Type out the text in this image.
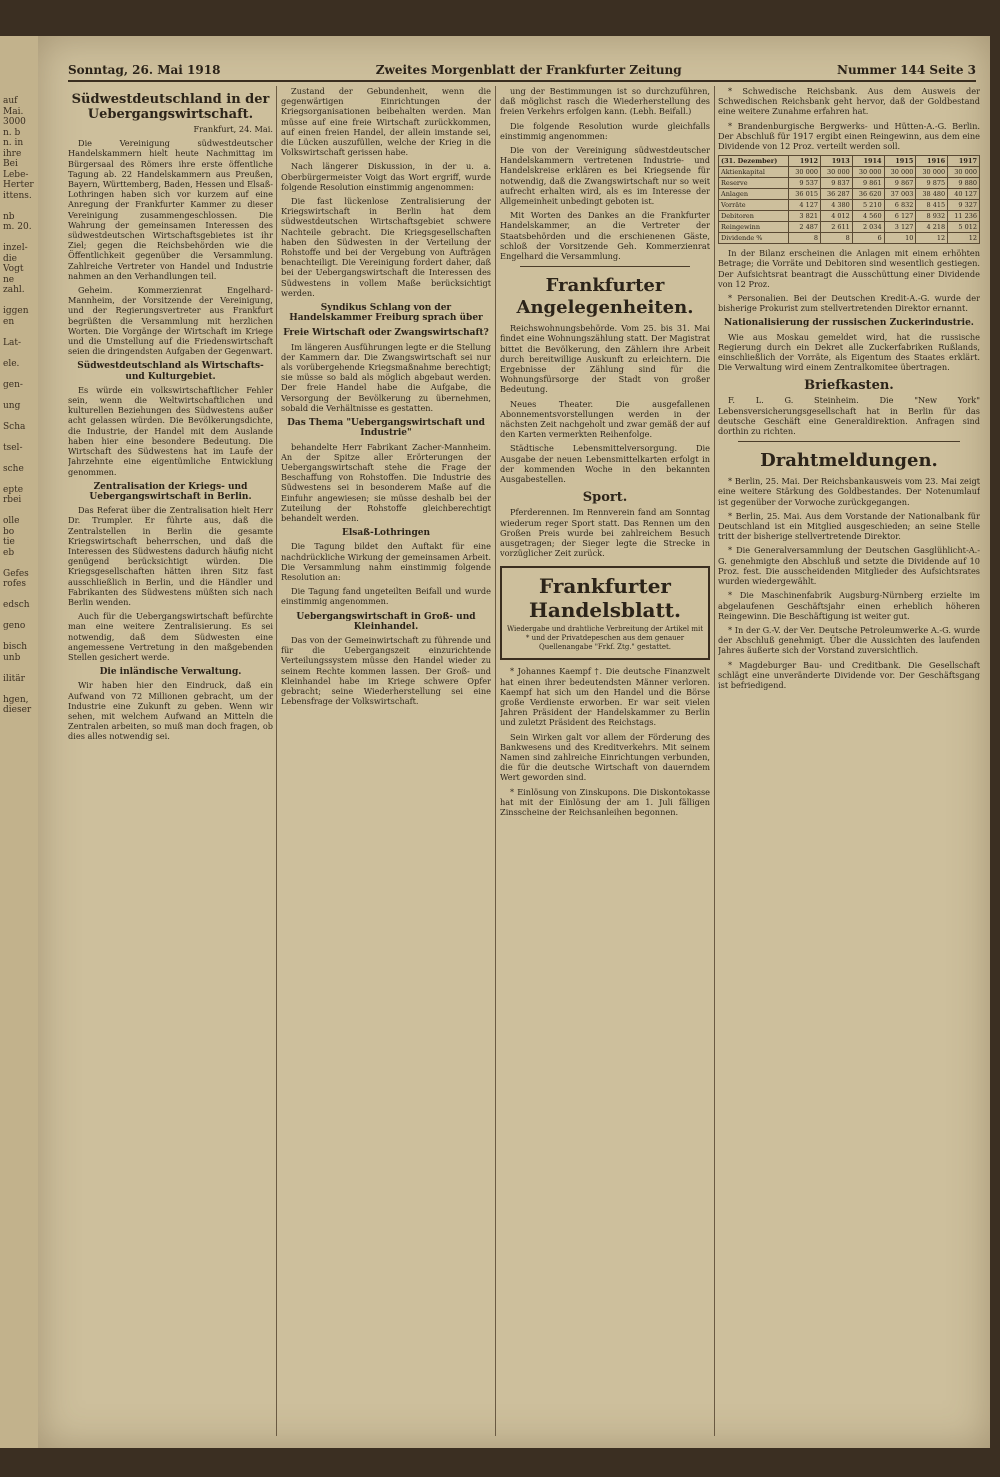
auf
Mai.
3000
n. b
n. in
ihre
Bei
Lebe-
Herter
ittens.

nb
m. 20.

inzel-
die
Vogt
ne
zahl.

iggen
en

Lat-

ele.

gen-

ung

Scha

tsel-

sche

epte
rbei

olle
bo
tie
eb

Gefes
rofes

edsch

geno

bisch
unb

ilitär

hgen,
dieser
Sonntag, 26. Mai 1918	Zweites Morgenblatt der Frankfurter Zeitung	Nummer 144 Seite 3
Südwestdeutschland in der Uebergangswirtschaft.

Frankfurt, 24. Mai.

Die Vereinigung südwestdeutscher Handelskammern hielt heute Nachmittag im Bürgersaal des Römers ihre erste öffentliche Tagung ab. 22 Handelskammern aus Preußen, Bayern, Württemberg, Baden, Hessen und Elsaß-Lothringen haben sich vor kurzem auf eine Anregung der Frankfurter Kammer zu dieser Vereinigung zusammengeschlossen. Die Wahrung der gemeinsamen Interessen des südwestdeutschen Wirtschaftsgebietes ist ihr Ziel; gegen die Reichsbehörden wie die Öffentlichkeit gegenüber die Versammlung. Zahlreiche Vertreter von Handel und Industrie nahmen an den Verhandlungen teil.

Geheim. Kommerzienrat Engelhard-Mannheim, der Vorsitzende der Vereinigung, und der Regierungsvertreter aus Frankfurt begrüßten die Versammlung mit herzlichen Worten. Die Vorgänge der Wirtschaft im Kriege und die Umstellung auf die Friedenswirtschaft seien die dringendsten Aufgaben der Gegenwart.

Südwestdeutschland als Wirtschafts- und Kulturgebiet.

Es würde ein volkswirtschaftlicher Fehler sein, wenn die Weltwirtschaftlichen und kulturellen Beziehungen des Südwestens außer acht gelassen würden. Die Bevölkerungsdichte, die Industrie, der Handel mit dem Auslande haben hier eine besondere Bedeutung. Die Wirtschaft des Südwestens hat im Laufe der Jahrzehnte eine eigentümliche Entwicklung genommen.

Zentralisation der Kriegs- und Uebergangswirtschaft in Berlin.

Das Referat über die Zentralisation hielt Herr Dr. Trumpler. Er führte aus, daß die Zentralstellen in Berlin die gesamte Kriegswirtschaft beherrschen, und daß die Interessen des Südwestens dadurch häufig nicht genügend berücksichtigt würden. Die Kriegsgesellschaften hätten ihren Sitz fast ausschließlich in Berlin, und die Händler und Fabrikanten des Südwestens müßten sich nach Berlin wenden.

Auch für die Uebergangswirtschaft befürchte man eine weitere Zentralisierung. Es sei notwendig, daß dem Südwesten eine angemessene Vertretung in den maßgebenden Stellen gesichert werde.

Die inländische Verwaltung.

Wir haben hier den Eindruck, daß ein Aufwand von 72 Millionen gebracht, um der Industrie eine Zukunft zu geben. Wenn wir sehen, mit welchem Aufwand an Mitteln die Zentralen arbeiten, so muß man doch fragen, ob dies alles notwendig sei.

Zustand der Gebundenheit, wenn die gegenwärtigen Einrichtungen der Kriegsorganisationen beibehalten werden. Man müsse auf eine freie Wirtschaft zurückkommen, auf einen freien Handel, der allein imstande sei, die Lücken auszufüllen, welche der Krieg in die Volkswirtschaft gerissen habe.

Nach längerer Diskussion, in der u. a. Oberbürgermeister Voigt das Wort ergriff, wurde folgende Resolution einstimmig angenommen:

Die fast lückenlose Zentralisierung der Kriegswirtschaft in Berlin hat dem südwestdeutschen Wirtschaftsgebiet schwere Nachteile gebracht. Die Kriegsgesellschaften haben den Südwesten in der Verteilung der Rohstoffe und bei der Vergebung von Aufträgen benachteiligt. Die Vereinigung fordert daher, daß bei der Uebergangswirtschaft die Interessen des Südwestens in vollem Maße berücksichtigt werden.

Syndikus Schlang von der Handelskammer Freiburg sprach über
Freie Wirtschaft oder Zwangswirtschaft?

Im längeren Ausführungen legte er die Stellung der Kammern dar. Die Zwangswirtschaft sei nur als vorübergehende Kriegsmaßnahme berechtigt; sie müsse so bald als möglich abgebaut werden. Der freie Handel habe die Aufgabe, die Versorgung der Bevölkerung zu übernehmen, sobald die Verhältnisse es gestatten.

Das Thema "Uebergangswirtschaft und Industrie"

behandelte Herr Fabrikant Zacher-Mannheim. An der Spitze aller Erörterungen der Uebergangswirtschaft stehe die Frage der Beschaffung von Rohstoffen. Die Industrie des Südwestens sei in besonderem Maße auf die Einfuhr angewiesen; sie müsse deshalb bei der Zuteilung der Rohstoffe gleichberechtigt behandelt werden.

Elsaß-Lothringen

Die Tagung bildet den Auftakt für eine nachdrückliche Wirkung der gemeinsamen Arbeit. Die Versammlung nahm einstimmig folgende Resolution an:

Die Tagung fand ungeteilten Beifall und wurde einstimmig angenommen.

Uebergangswirtschaft in Groß- und Kleinhandel.

Das von der Gemeinwirtschaft zu führende und für die Uebergangszeit einzurichtende Verteilungssystem müsse den Handel wieder zu seinem Rechte kommen lassen. Der Groß- und Kleinhandel habe im Kriege schwere Opfer gebracht; seine Wiederherstellung sei eine Lebensfrage der Volkswirtschaft.

ung der Bestimmungen ist so durchzuführen, daß möglichst rasch die Wiederherstellung des freien Verkehrs erfolgen kann. (Lebh. Beifall.)

Die folgende Resolution wurde gleichfalls einstimmig angenommen:

Die von der Vereinigung südwestdeutscher Handelskammern vertretenen Industrie- und Handelskreise erklären es bei Kriegsende für notwendig, daß die Zwangswirtschaft nur so weit aufrecht erhalten wird, als es im Interesse der Allgemeinheit unbedingt geboten ist.

Mit Worten des Dankes an die Frankfurter Handelskammer, an die Vertreter der Staatsbehörden und die erschienenen Gäste, schloß der Vorsitzende Geh. Kommerzienrat Engelhard die Versammlung.

Frankfurter Angelegenheiten.

Reichswohnungsbehörde. Vom 25. bis 31. Mai findet eine Wohnungszählung statt. Der Magistrat bittet die Bevölkerung, den Zählern ihre Arbeit durch bereitwillige Auskunft zu erleichtern. Die Ergebnisse der Zählung sind für die Wohnungsfürsorge der Stadt von großer Bedeutung.

Neues Theater. Die ausgefallenen Abonnementsvorstellungen werden in der nächsten Zeit nachgeholt und zwar gemäß der auf den Karten vermerkten Reihenfolge.

Städtische Lebensmittelversorgung. Die Ausgabe der neuen Lebensmittelkarten erfolgt in der kommenden Woche in den bekannten Ausgabestellen.

Sport.

Pferderennen. Im Rennverein fand am Sonntag wiederum reger Sport statt. Das Rennen um den Großen Preis wurde bei zahlreichem Besuch ausgetragen; der Sieger legte die Strecke in vorzüglicher Zeit zurück.

Frankfurter Handelsblatt.
Wiedergabe und drahtliche Verbreitung der Artikel mit * und der Privatdepeschen aus dem genauer Quellenangabe "Frkf. Ztg." gestattet.

* Johannes Kaempf †. Die deutsche Finanzwelt hat einen ihrer bedeutendsten Männer verloren. Kaempf hat sich um den Handel und die Börse große Verdienste erworben. Er war seit vielen Jahren Präsident der Handelskammer zu Berlin und zuletzt Präsident des Reichstags.

Sein Wirken galt vor allem der Förderung des Bankwesens und des Kreditverkehrs. Mit seinem Namen sind zahlreiche Einrichtungen verbunden, die für die deutsche Wirtschaft von dauerndem Wert geworden sind.

* Einlösung von Zinskupons. Die Diskontokasse hat mit der Einlösung der am 1. Juli fälligen Zinsscheine der Reichsanleihen begonnen.

* Schwedische Reichsbank. Aus dem Ausweis der Schwedischen Reichsbank geht hervor, daß der Goldbestand eine weitere Zunahme erfahren hat.

* Brandenburgische Bergwerks- und Hütten-A.-G. Berlin. Der Abschluß für 1917 ergibt einen Reingewinn, aus dem eine Dividende von 12 Proz. verteilt werden soll.

(31. Dezember)	1912	1913	1914	1915	1916	1917
Aktienkapital	30 000	30 000	30 000	30 000	30 000	30 000
Reserve	9 537	9 837	9 861	9 867	9 875	9 880
Anlagen	36 015	36 287	36 620	37 003	38 480	40 127
Vorräte	4 127	4 380	5 210	6 832	8 415	9 327
Debitoren	3 821	4 012	4 560	6 127	8 932	11 236
Reingewinn	2 487	2 611	2 034	3 127	4 218	5 012
Dividende %	8	8	6	10	12	12

In der Bilanz erscheinen die Anlagen mit einem erhöhten Betrage; die Vorräte und Debitoren sind wesentlich gestiegen. Der Aufsichtsrat beantragt die Ausschüttung einer Dividende von 12 Proz.

* Personalien. Bei der Deutschen Kredit-A.-G. wurde der bisherige Prokurist zum stellvertretenden Direktor ernannt.

Nationalisierung der russischen Zuckerindustrie.

Wie aus Moskau gemeldet wird, hat die russische Regierung durch ein Dekret alle Zuckerfabriken Rußlands, einschließlich der Vorräte, als Eigentum des Staates erklärt. Die Verwaltung wird einem Zentralkomitee übertragen.

Briefkasten.

F. L. G. Steinheim. Die "New York" Lebensversicherungsgesellschaft hat in Berlin für das deutsche Geschäft eine Generaldirektion. Anfragen sind dorthin zu richten.

Drahtmeldungen.

* Berlin, 25. Mai. Der Reichsbankausweis vom 23. Mai zeigt eine weitere Stärkung des Goldbestandes. Der Notenumlauf ist gegenüber der Vorwoche zurückgegangen.

* Berlin, 25. Mai. Aus dem Vorstande der Nationalbank für Deutschland ist ein Mitglied ausgeschieden; an seine Stelle tritt der bisherige stellvertretende Direktor.

* Die Generalversammlung der Deutschen Gasglühlicht-A.-G. genehmigte den Abschluß und setzte die Dividende auf 10 Proz. fest. Die ausscheidenden Mitglieder des Aufsichtsrates wurden wiedergewählt.

* Die Maschinenfabrik Augsburg-Nürnberg erzielte im abgelaufenen Geschäftsjahr einen erheblich höheren Reingewinn. Die Beschäftigung ist weiter gut.

* In der G.-V. der Ver. Deutsche Petroleumwerke A.-G. wurde der Abschluß genehmigt. Über die Aussichten des laufenden Jahres äußerte sich der Vorstand zuversichtlich.

* Magdeburger Bau- und Creditbank. Die Gesellschaft schlägt eine unveränderte Dividende vor. Der Geschäftsgang ist befriedigend.
